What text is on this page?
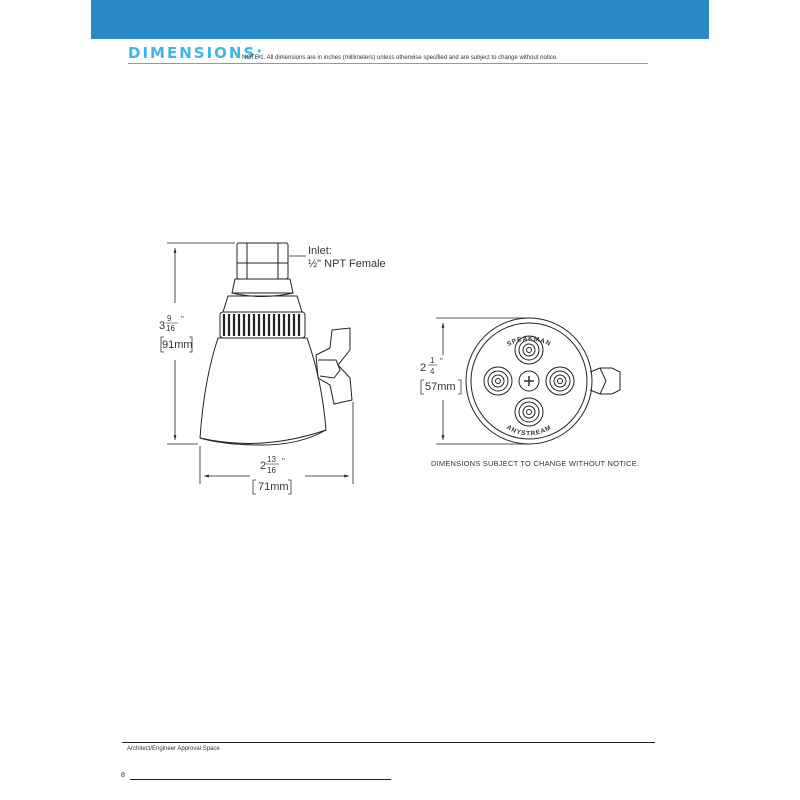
DIMENSIONS:
NOTE 1. All dimensions are in inches (millimeters) unless otherwise specified and are subject to change without notice.
3
9
16
"
91mm
2
13
16
"
71mm
SPEAKMAN
ANYSTREAM
2
1
4
"
57mm
Inlet:
½" NPT Female
DIMENSIONS SUBJECT TO CHANGE WITHOUT NOTICE.
Architect/Engineer Approval Space
8
